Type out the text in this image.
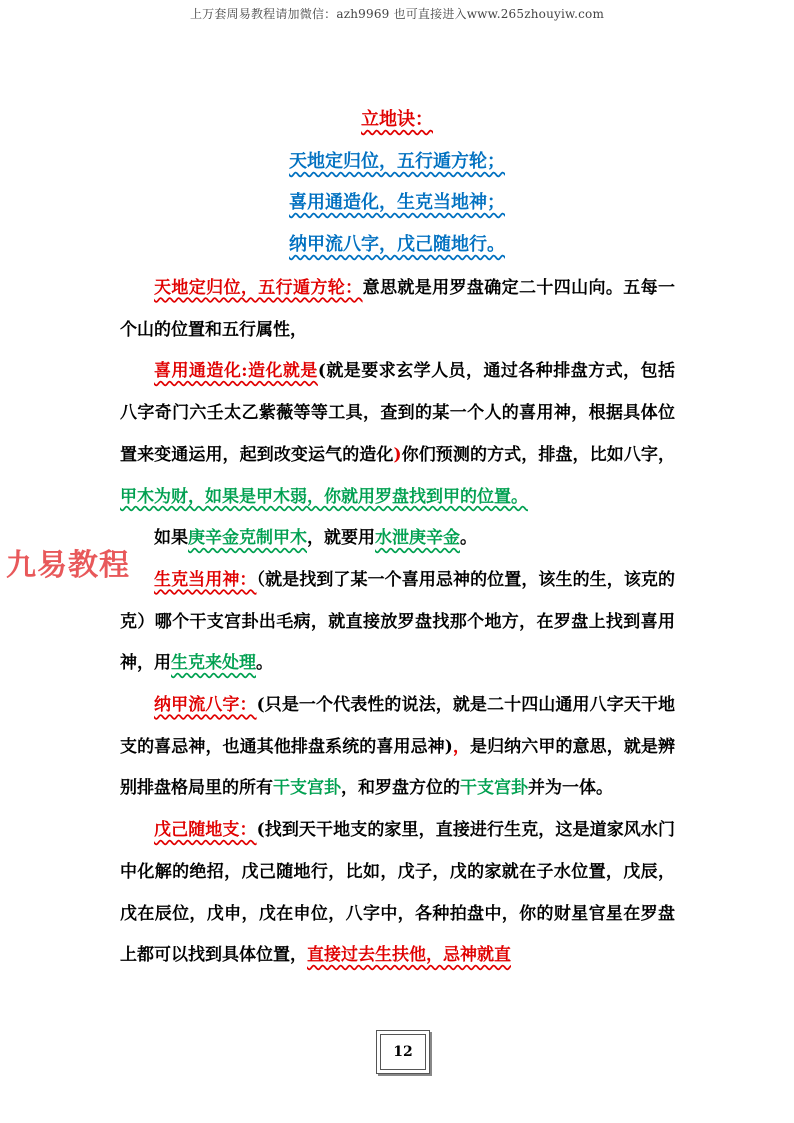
上万套周易教程请加微信：azh9969 也可直接进入www.265zhouyiw.com
立地诀：
天地定归位，五行遁方轮；
喜用通造化，生克当地神；
纳甲流八字，戊己随地行。

天地定归位，五行遁方轮：意思就是用罗盘确定二十四山向。五每一个山的位置和五行属性，

喜用通造化:造化就是(就是要求玄学人员，通过各种排盘方式，包括八字奇门六壬太乙紫薇等等工具，查到的某一个人的喜用神，根据具体位置来变通运用，起到改变运气的造化)你们预测的方式，排盘，比如八字，甲木为财，如果是甲木弱，你就用罗盘找到甲的位置。

如果庚辛金克制甲木，就要用水泄庚辛金。

生克当用神：（就是找到了某一个喜用忌神的位置，该生的生，该克的克）哪个干支宫卦出毛病，就直接放罗盘找那个地方，在罗盘上找到喜用神，用生克来处理。

纳甲流八字：(只是一个代表性的说法，就是二十四山通用八字天干地支的喜忌神，也通其他排盘系统的喜用忌神)，是归纳六甲的意思，就是辨别排盘格局里的所有干支宫卦，和罗盘方位的干支宫卦并为一体。

戊己随地支：(找到天干地支的家里，直接进行生克，这是道家风水门中化解的绝招，戊己随地行，比如，戊子，戊的家就在子水位置，戊辰，戊在辰位，戊申，戊在申位，八字中，各种拍盘中，你的财星官星在罗盘上都可以找到具体位置，直接过去生扶他，忌神就直

九易教程
12
